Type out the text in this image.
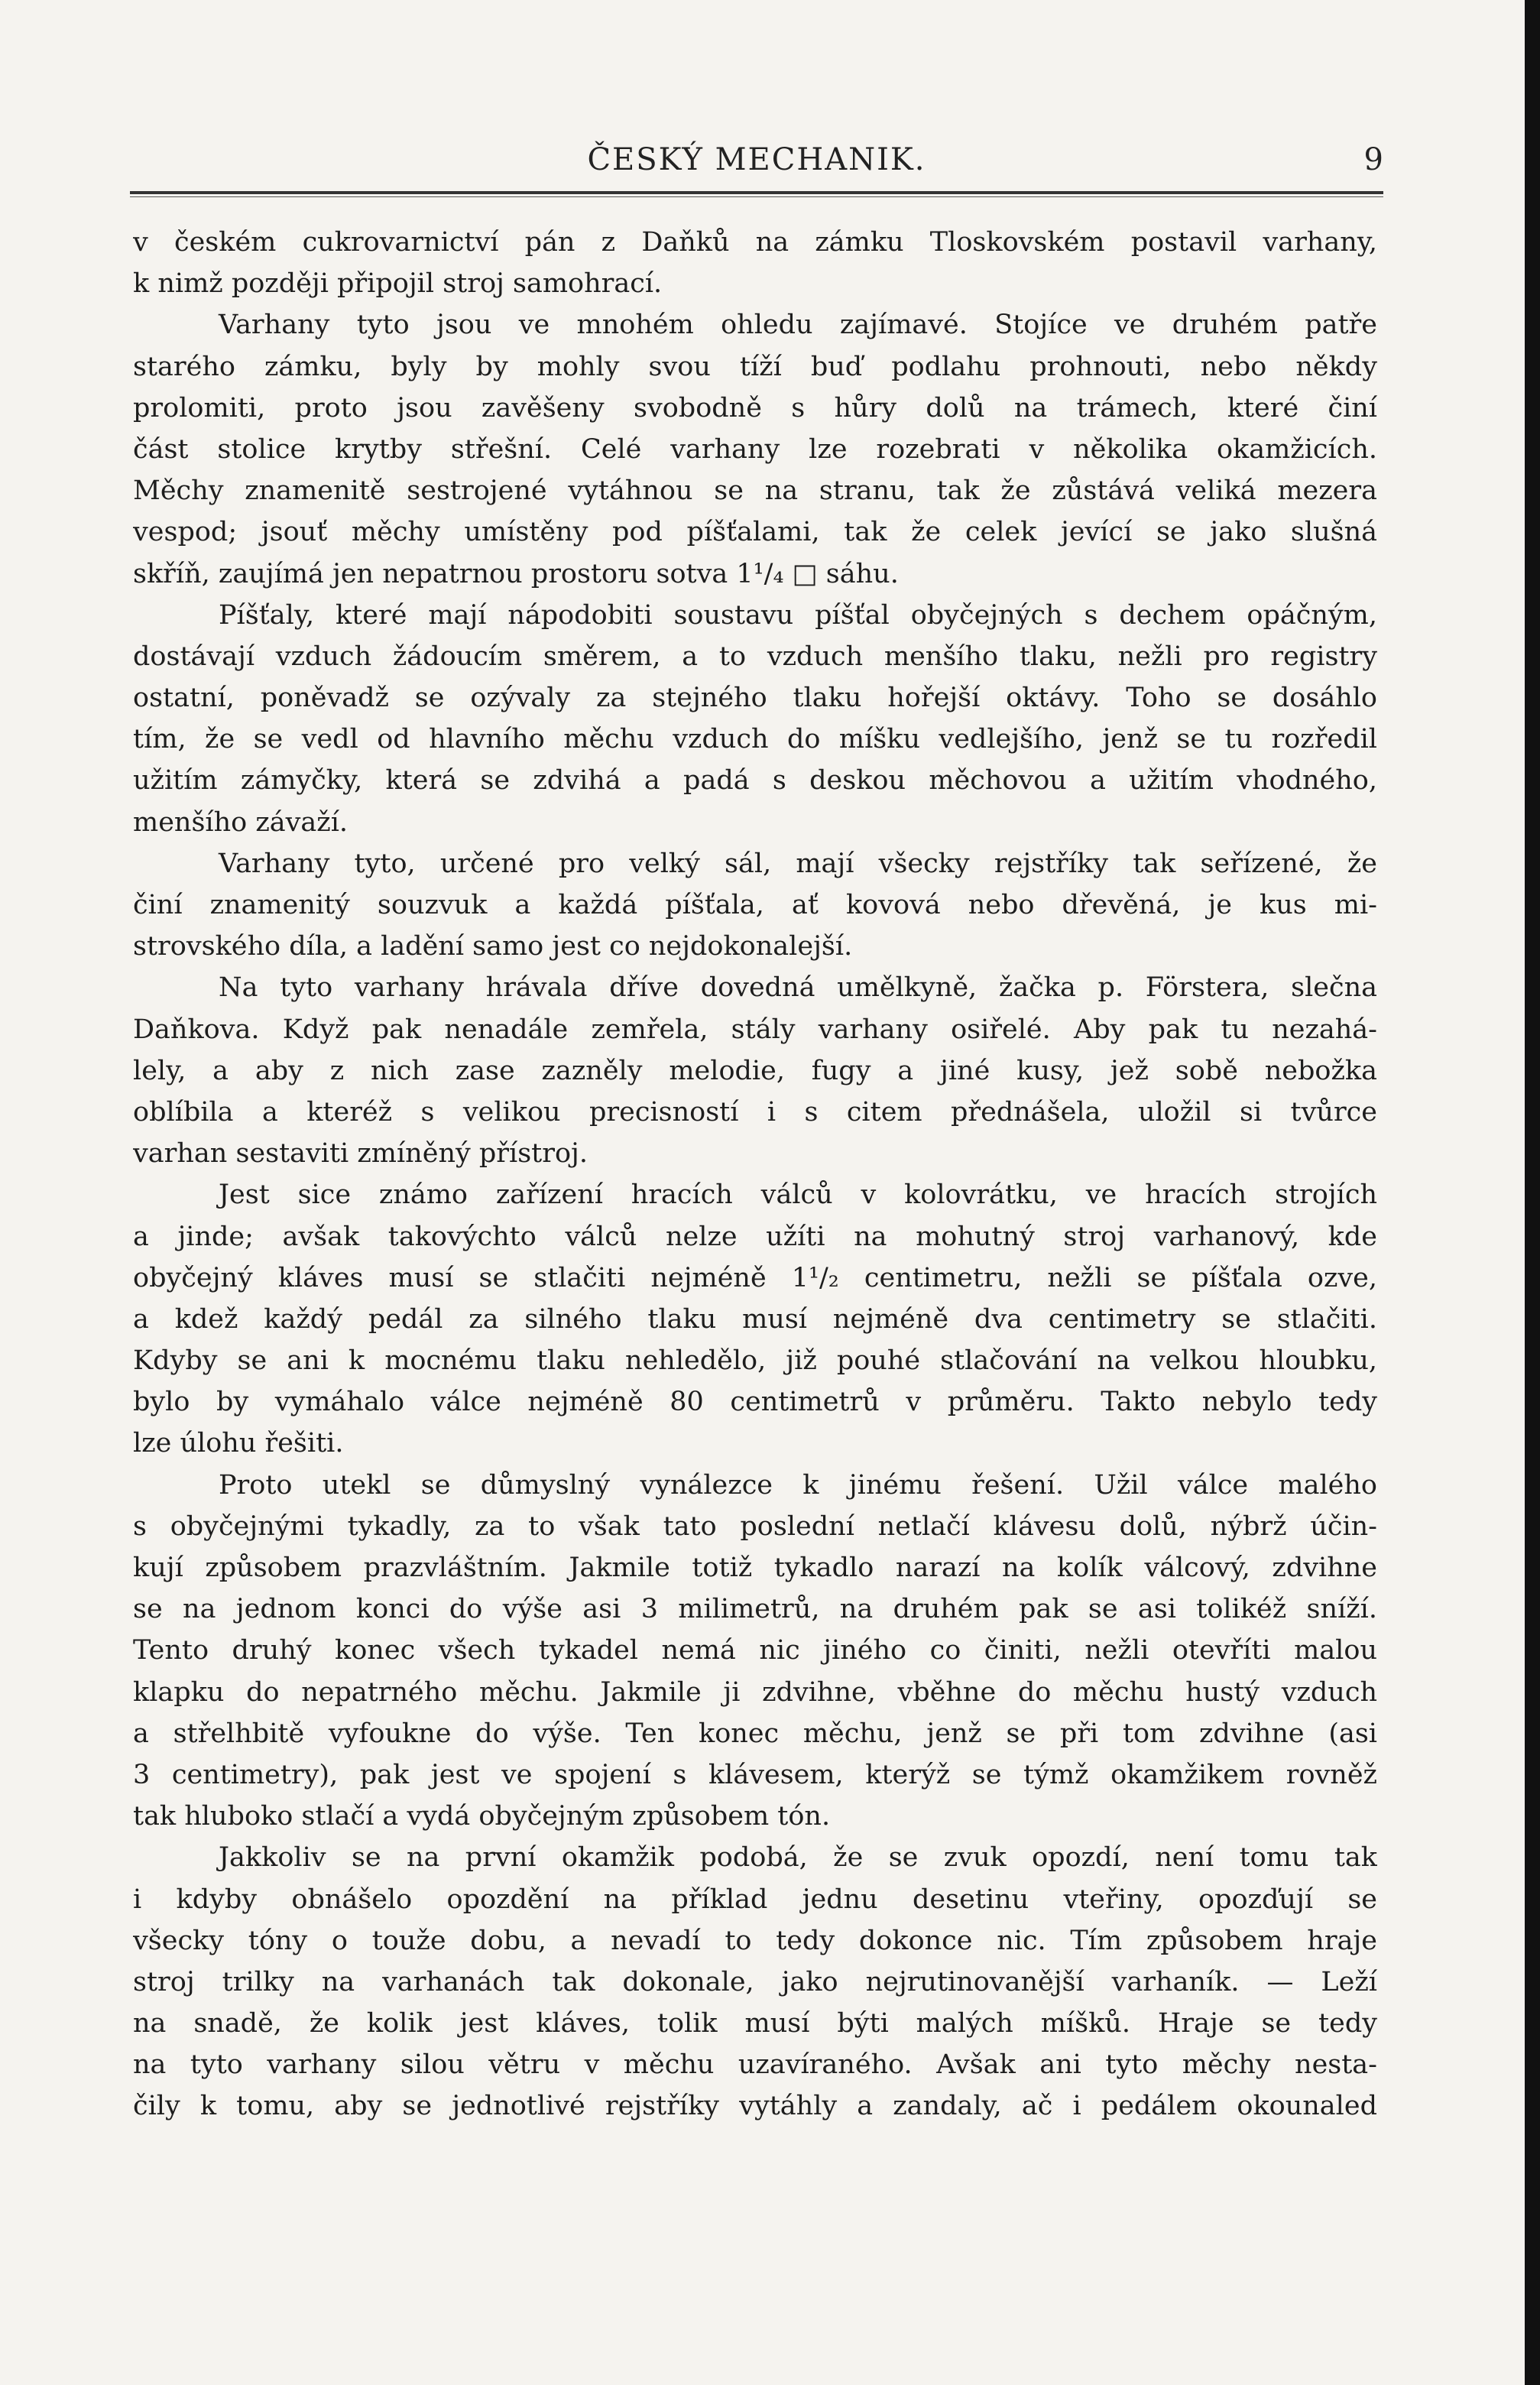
ČESKÝ MECHANIK.	9
v českém cukrovarnictví pán z Daňků na zámku Tloskovském postavil varhany,
k nimž později připojil stroj samohrací.
Varhany tyto jsou ve mnohém ohledu zajímavé. Stojíce ve druhém patře
starého zámku, byly by mohly svou tíží buď podlahu prohnouti, nebo někdy
prolomiti, proto jsou zavěšeny svobodně s hůry dolů na trámech, které činí
část stolice krytby střešní. Celé varhany lze rozebrati v několika okamžicích.
Měchy znamenitě sestrojené vytáhnou se na stranu, tak že zůstává veliká mezera
vespod; jsouť měchy umístěny pod píšťalami, tak že celek jevící se jako slušná
skříň, zaujímá jen nepatrnou prostoru sotva 1¹/₄ □ sáhu.
Píšťaly, které mají nápodobiti soustavu píšťal obyčejných s dechem opáčným,
dostávají vzduch žádoucím směrem, a to vzduch menšího tlaku, nežli pro registry
ostatní, poněvadž se ozývaly za stejného tlaku hořejší oktávy. Toho se dosáhlo
tím, že se vedl od hlavního měchu vzduch do míšku vedlejšího, jenž se tu rozředil
užitím zámyčky, která se zdvihá a padá s deskou měchovou a užitím vhodného,
menšího závaží.
Varhany tyto, určené pro velký sál, mají všecky rejstříky tak seřízené, že
činí znamenitý souzvuk a každá píšťala, ať kovová nebo dřevěná, je kus mi-
strovského díla, a ladění samo jest co nejdokonalejší.
Na tyto varhany hrávala dříve dovedná umělkyně, žačka p. Förstera, slečna
Daňkova. Když pak nenadále zemřela, stály varhany osiřelé. Aby pak tu nezahá-
lely, a aby z nich zase zazněly melodie, fugy a jiné kusy, jež sobě nebožka
oblíbila a kteréž s velikou precisností i s citem přednášela, uložil si tvůrce
varhan sestaviti zmíněný přístroj.
Jest sice známo zařízení hracích válců v kolovrátku, ve hracích strojích
a jinde; avšak takovýchto válců nelze užíti na mohutný stroj varhanový, kde
obyčejný kláves musí se stlačiti nejméně 1¹/₂ centimetru, nežli se píšťala ozve,
a kdež každý pedál za silného tlaku musí nejméně dva centimetry se stlačiti.
Kdyby se ani k mocnému tlaku nehledělo, již pouhé stlačování na velkou hloubku,
bylo by vymáhalo válce nejméně 80 centimetrů v průměru. Takto nebylo tedy
lze úlohu řešiti.
Proto utekl se důmyslný vynálezce k jinému řešení. Užil válce malého
s obyčejnými tykadly, za to však tato poslední netlačí klávesu dolů, nýbrž účin-
kují způsobem prazvláštním. Jakmile totiž tykadlo narazí na kolík válcový, zdvihne
se na jednom konci do výše asi 3 milimetrů, na druhém pak se asi tolikéž sníží.
Tento druhý konec všech tykadel nemá nic jiného co činiti, nežli otevříti malou
klapku do nepatrného měchu. Jakmile ji zdvihne, vběhne do měchu hustý vzduch
a střelhbitě vyfoukne do výše. Ten konec měchu, jenž se při tom zdvihne (asi
3 centimetry), pak jest ve spojení s klávesem, kterýž se týmž okamžikem rovněž
tak hluboko stlačí a vydá obyčejným způsobem tón.
Jakkoliv se na první okamžik podobá, že se zvuk opozdí, není tomu tak
i kdyby obnášelo opozdění na příklad jednu desetinu vteřiny, opozďují se
všecky tóny o touže dobu, a nevadí to tedy dokonce nic. Tím způsobem hraje
stroj trilky na varhanách tak dokonale, jako nejrutinovanější varhaník. — Leží
na snadě, že kolik jest kláves, tolik musí býti malých míšků. Hraje se tedy
na tyto varhany silou větru v měchu uzavíraného. Avšak ani tyto měchy nesta-
čily k tomu, aby se jednotlivé rejstříky vytáhly a zandaly, ač i pedálem okounaled
